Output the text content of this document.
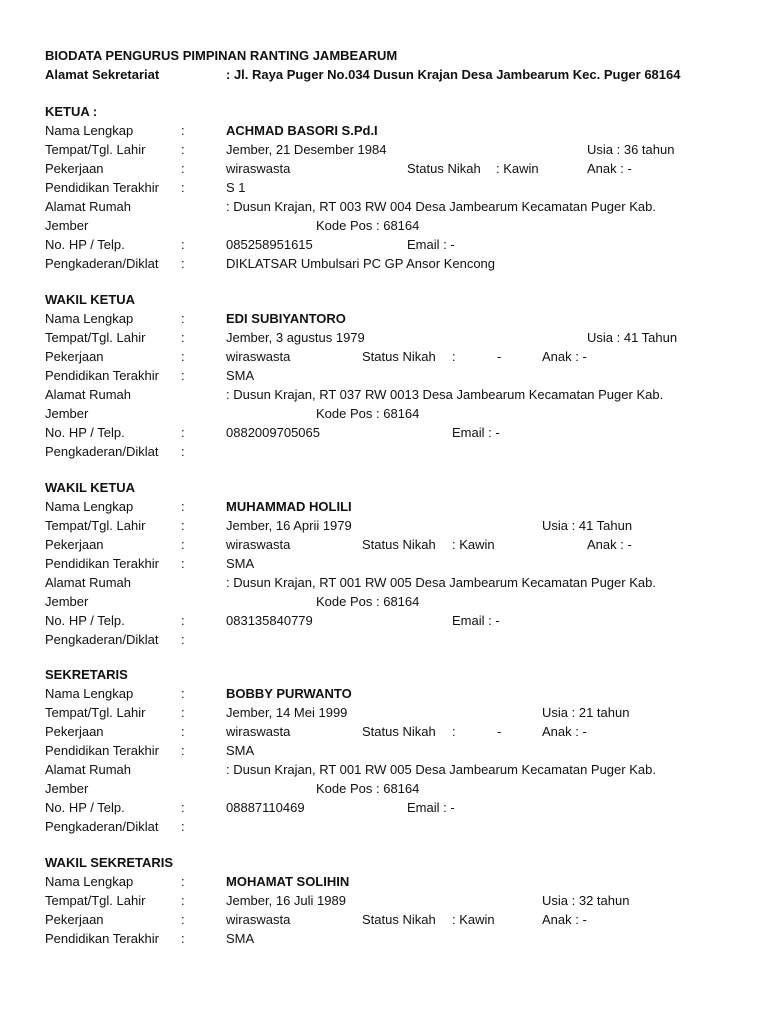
BIODATA PENGURUS PIMPINAN RANTING JAMBEARUM
Alamat Sekretariat	: Jl. Raya Puger No.034 Dusun Krajan Desa Jambearum Kec. Puger 68164
KETUA :
Nama Lengkap	:	ACHMAD BASORI S.Pd.I
Tempat/Tgl. Lahir	:	Jember, 21 Desember 1984	Usia : 36 tahun
Pekerjaan	:	wiraswasta	Status Nikah : Kawin	Anak : -
Pendidikan Terakhir :	S 1
Alamat Rumah	: Dusun Krajan, RT 003 RW 004 Desa Jambearum Kecamatan Puger Kab.
Jember	Kode Pos : 68164
No. HP / Telp.	:	085258951615	Email : -
Pengkaderan/Diklat :	DIKLATSAR Umbulsari PC GP Ansor Kencong
WAKIL KETUA
Nama Lengkap	:	EDI SUBIYANTORO
Tempat/Tgl. Lahir	:	Jember, 3 agustus 1979	Usia : 41 Tahun
Pekerjaan	:	wiraswasta	Status Nikah :	-	Anak : -
Pendidikan Terakhir :	SMA
Alamat Rumah	: Dusun Krajan, RT 037 RW 0013 Desa Jambearum Kecamatan Puger Kab.
Jember	Kode Pos : 68164
No. HP / Telp.	:	0882009705065	Email : -
Pengkaderan/Diklat :
WAKIL KETUA
Nama Lengkap	:	MUHAMMAD HOLILI
Tempat/Tgl. Lahir	:	Jember, 16 Aprii 1979	Usia : 41 Tahun
Pekerjaan	:	wiraswasta	Status Nikah : Kawin	Anak : -
Pendidikan Terakhir :	SMA
Alamat Rumah	: Dusun Krajan, RT 001 RW 005 Desa Jambearum Kecamatan Puger Kab.
Jember	Kode Pos : 68164
No. HP / Telp.	:	083135840779	Email : -
Pengkaderan/Diklat :
SEKRETARIS
Nama Lengkap	:	BOBBY PURWANTO
Tempat/Tgl. Lahir	:	Jember, 14 Mei 1999	Usia : 21 tahun
Pekerjaan	:	wiraswasta	Status Nikah :	-	Anak : -
Pendidikan Terakhir :	SMA
Alamat Rumah	: Dusun Krajan, RT 001 RW 005 Desa Jambearum Kecamatan Puger Kab.
Jember	Kode Pos : 68164
No. HP / Telp.	:	08887110469	Email : -
Pengkaderan/Diklat :
WAKIL SEKRETARIS
Nama Lengkap	:	MOHAMAT SOLIHIN
Tempat/Tgl. Lahir	:	Jember, 16 Juli 1989	Usia : 32 tahun
Pekerjaan	:	wiraswasta	Status Nikah : Kawin	Anak : -
Pendidikan Terakhir :	SMA
